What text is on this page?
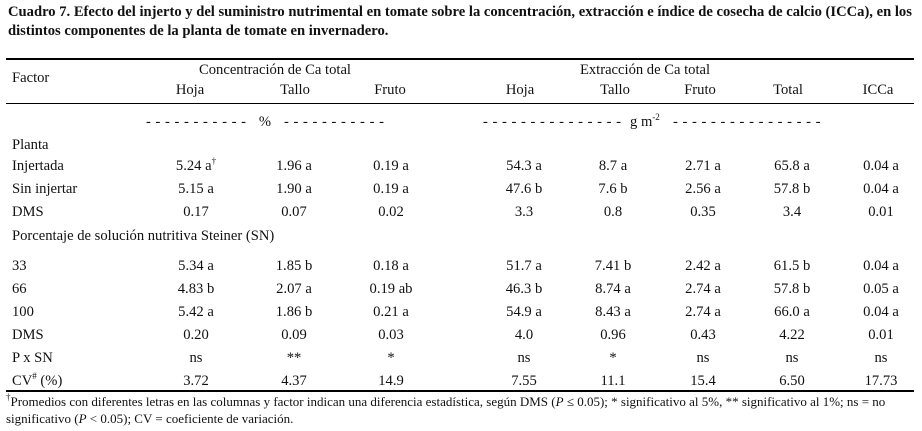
Cuadro 7. Efecto del injerto y del suministro nutrimental en tomate sobre la concentración, extracción e índice de cosecha de calcio (ICCa), en los distintos componentes de la planta de tomate en invernadero.
Factor	Concentración de Ca total	Extracción de Ca total
Hoja	Tallo	Fruto	Hoja	Tallo	Fruto	Total	ICCa
- - - - - - - - - - -   %   - - - - - - - - - - -	- - - - - - - - - - - - - - - g $m^{-2}$ - - - - - - - - - - - - - - - -
Planta
Porcentaje de solución nutritiva Steiner (SN)
Injertada	5.24 a†	1.96 a	0.19 a	54.3 a	8.7 a	2.71 a	65.8 a	0.04 a
Sin injertar	5.15 a	1.90 a	0.19 a	47.6 b	7.6 b	2.56 a	57.8 b	0.04 a
DMS	0.17	0.07	0.02	3.3	0.8	0.35	3.4	0.01
33	5.34 a	1.85 b	0.18 a	51.7 a	7.41 b	2.42 a	61.5 b	0.04 a
66	4.83 b	2.07 a	0.19 ab	46.3 b	8.74 a	2.74 a	57.8 b	0.05 a
100	5.42 a	1.86 b	0.21 a	54.9 a	8.43 a	2.74 a	66.0 a	0.04 a
DMS	0.20	0.09	0.03	4.0	0.96	0.43	4.22	0.01
P x SN	ns	**	*	ns	*	ns	ns	ns
CV# (%)	3.72	4.37	14.9	7.55	11.1	15.4	6.50	17.73
†Promedios con diferentes letras en las columnas y factor indican una diferencia estadística, según DMS (P ≤ 0.05); * significativo al 5%, ** significativo al 1%; ns = no significativo (P < 0.05); CV = coeficiente de variación.
